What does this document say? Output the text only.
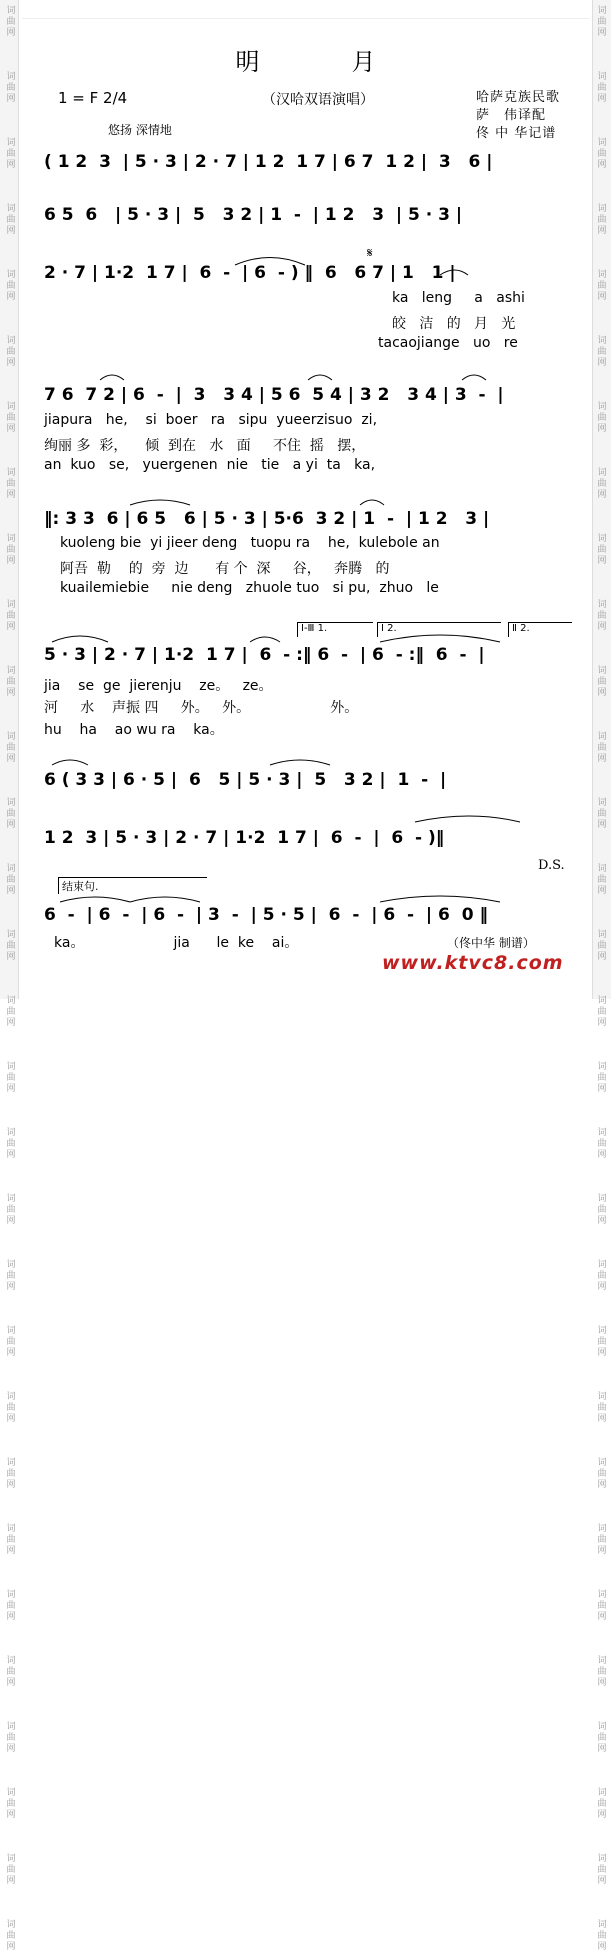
词
曲
网
词
曲
网
词
曲
网
词
曲
网
词
曲
网
词
曲
网
词
曲
网
词
曲
网
词
曲
网
词
曲
网
词
曲
网
词
曲
网
词
曲
网
词
曲
网
词
曲
网
词
曲
网
词
曲
网
词
曲
网
词
曲
网
词
曲
网
词
曲
网
词
曲
网
词
曲
网
词
曲
网
词
曲
网
词
曲
网
词
曲
网
词
曲
网
词
曲
网
词
曲
网
词
曲
网
词
曲
网
词
曲
网
词
曲
网
词
曲
网
词
曲
网
词
曲
网
词
曲
网
词
曲
网
词
曲
网
词
曲
网
词
曲
网
词
曲
网
词
曲
网
词
曲
网
词
曲
网
词
曲
网
词
曲
网
词
曲
网
词
曲
网
词
曲
网
词
曲
网
词
曲
网
词
曲
网
词
曲
网
词
曲
网
词
曲
网
词
曲
网
词
曲
网
词
曲
网
明　月
1 = F 2/4	（汉哈双语演唱）	哈萨克族民歌
萨　伟译配
佟 中 华记谱
悠扬 深情地
( 1 2  3  | 5 · 3 | 2 · 7 | 1 2  1 7 | 6 7  1 2 |  3   6 |
6 5  6   | 5 · 3 |  5   3 2 | 1  -  | 1 2   3  | 5 · 3 |
2 · 7 | 1·2  1 7 |  6  -  | 6  - ) ‖  6   6 7 | 1   1 |
𝄋
ka   leng     a   ashi
皎   洁   的   月   光
tacaojiange   uo   re
7 6  7 2 | 6  -  |  3   3 4 | 5 6  5 4 | 3 2   3 4 | 3  -  |
jiapura   he,    si  boer   ra   sipu  yueerzisuo  zi,
绚丽 多  彩，    倾  到在   水   面     不住  摇   摆，
an  kuo   se,   yuergenen  nie   tie   a yi  ta   ka,
‖: 3 3  6 | 6 5   6 | 5 · 3 | 5·6  3 2 | 1  -  | 1 2   3 |
kuoleng bie  yi jieer deng   tuopu ra    he,  kulebole an
阿吾  勒    的  旁  边      有 个  深     谷，   奔腾   的
kuailemiebie     nie deng   zhuole tuo   si pu,  zhuo   le
Ⅰ-Ⅲ 1.	Ⅰ 2.	Ⅱ 2.
5 · 3 | 2 · 7 | 1·2  1 7 |  6  - :‖ 6  -  | 6  - :‖  6  -  |
jia    se  ge  jierenju    ze。   ze。
河     水    声振 四     外。   外。                  外。
hu    ha    ao wu ra    ka。
6 ( 3 3 | 6 · 5 |  6   5 | 5 · 3 |  5   3 2 |  1  -  |
1 2  3 | 5 · 3 | 2 · 7 | 1·2  1 7 |  6  -  |  6  - )‖
D.S.
结束句.
6  -  | 6  -  | 6  -  | 3  -  | 5 · 5 |  6  -  | 6  -  | 6  0 ‖
ka。                    jia      le  ke    ai。	（佟中华 制谱）
www.ktvc8.com
